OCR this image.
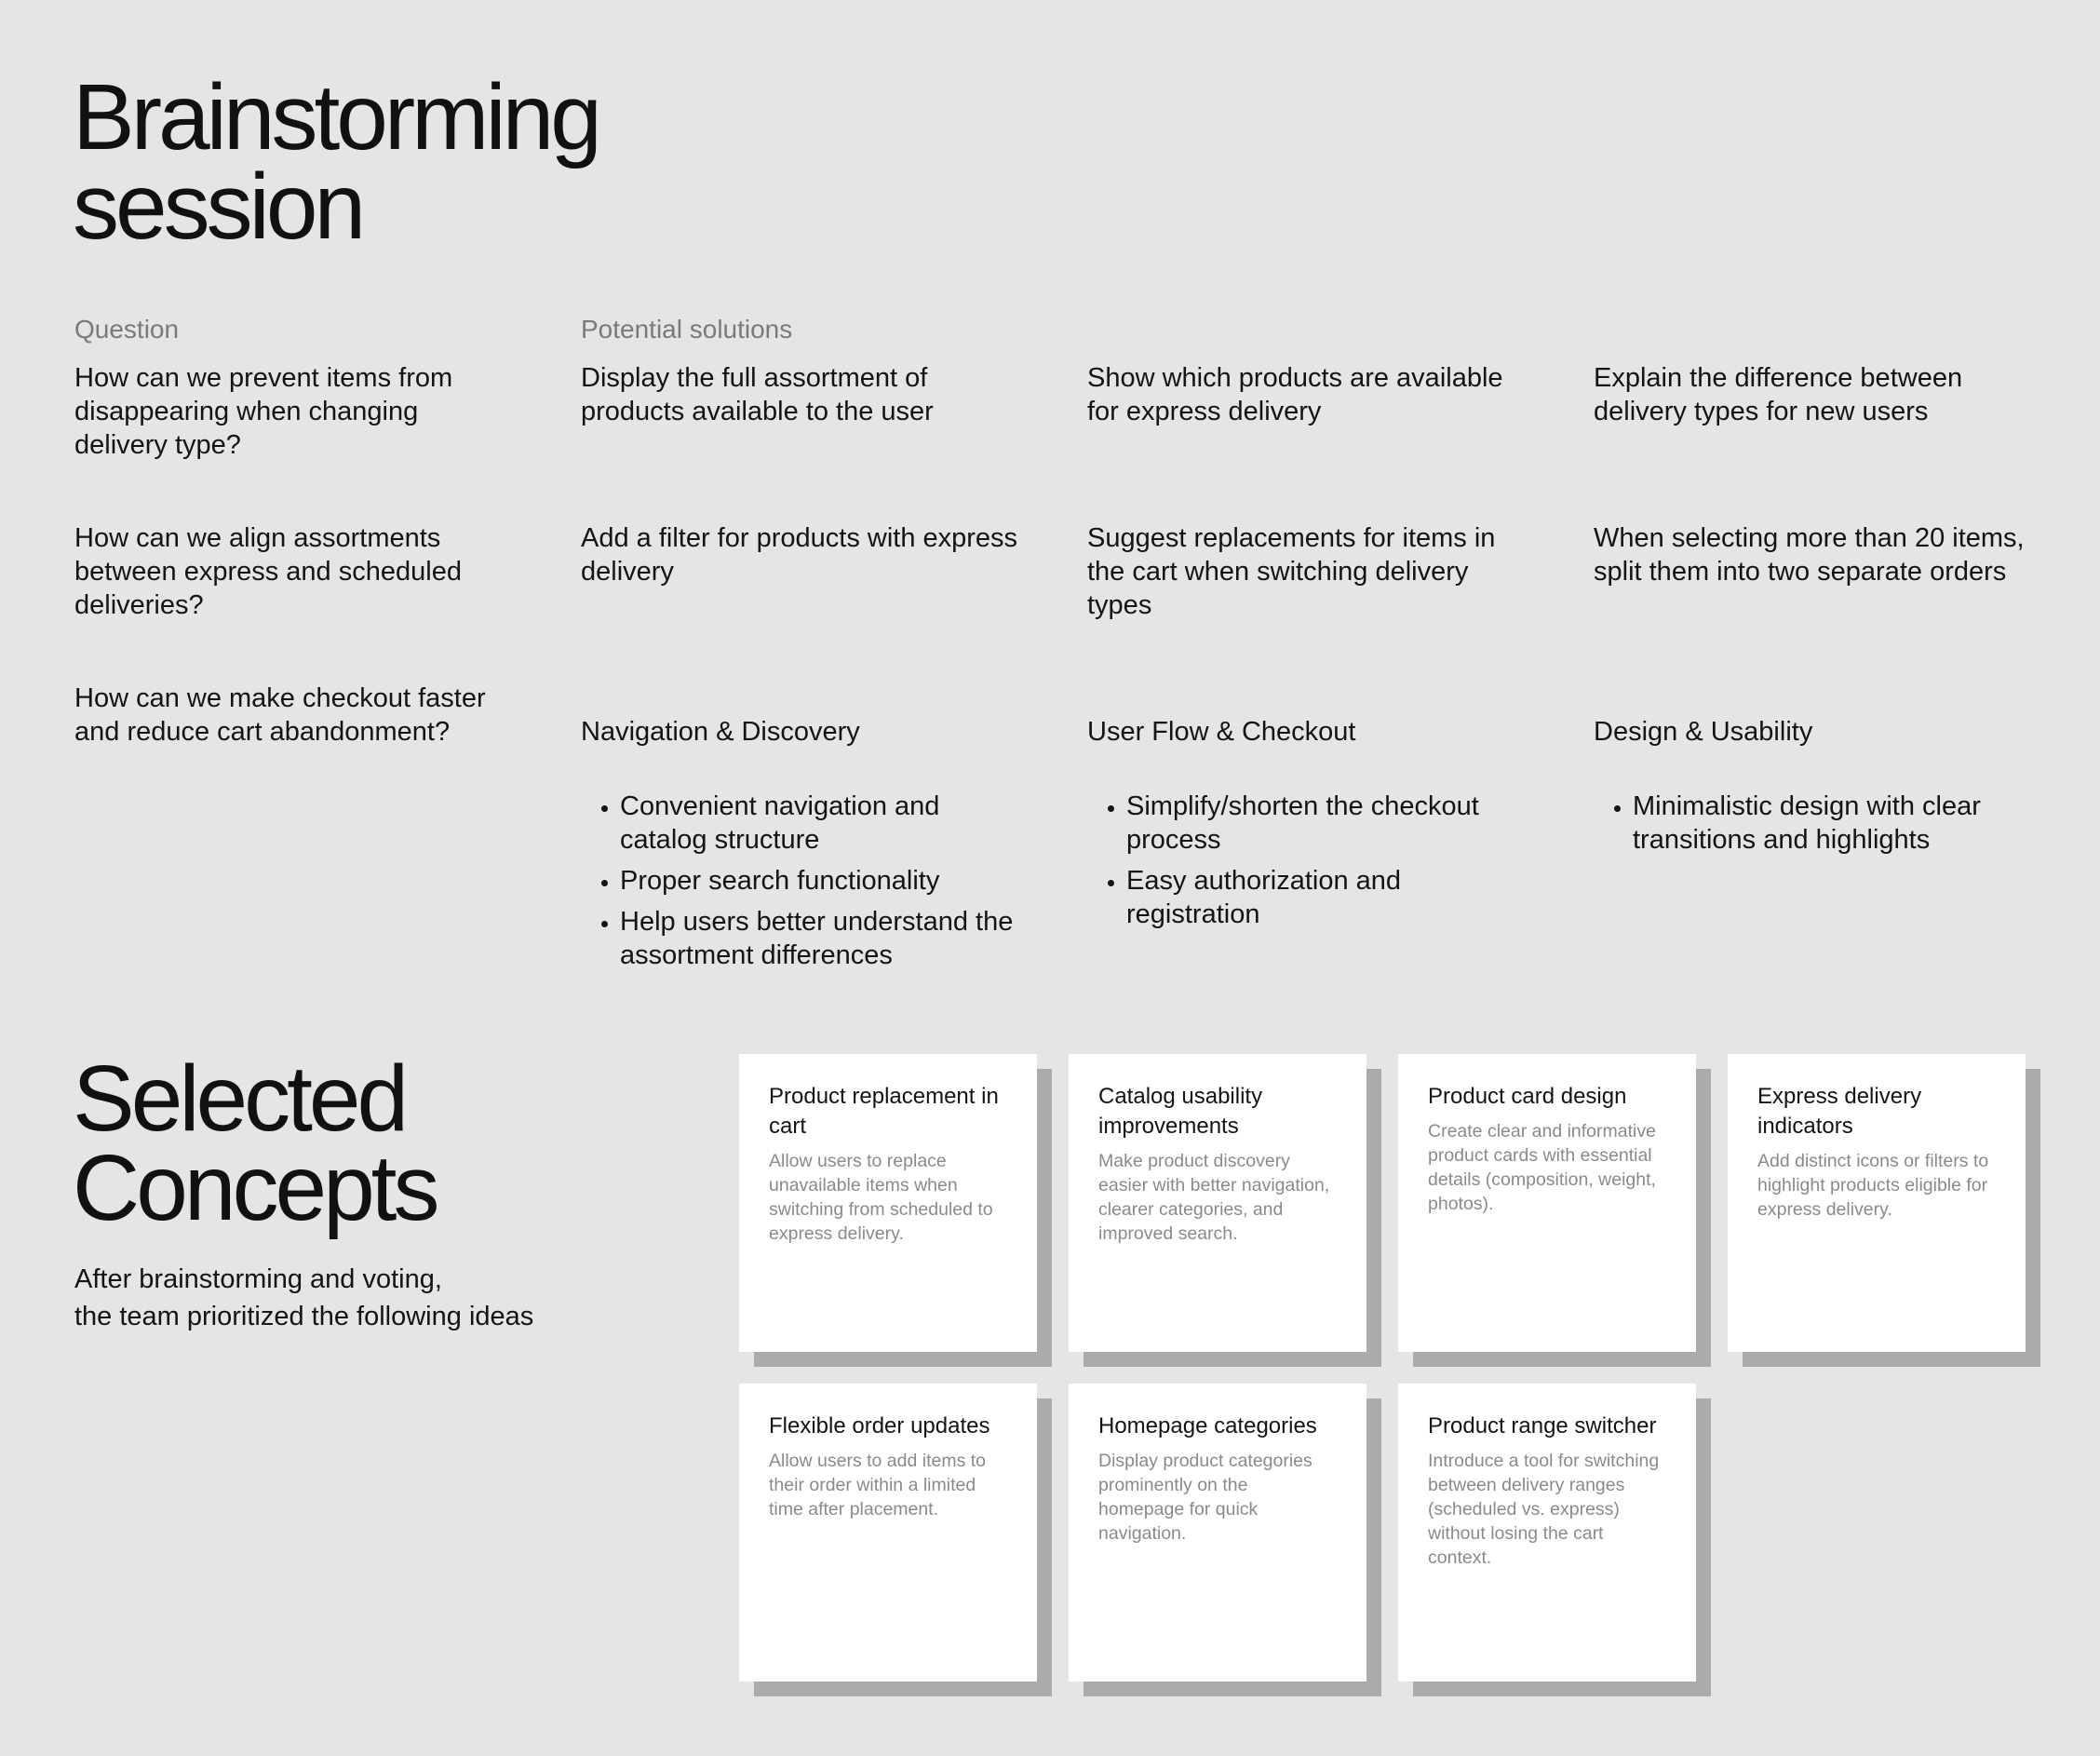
Brainstorming
session
Question	Potential solutions
How can we prevent items from disappearing when changing delivery type?
Display the full assortment of products available to the user
Show which products are available for express delivery
Explain the difference between delivery types for new users
How can we align assortments between express and scheduled deliveries?
Add a filter for products with express delivery
Suggest replacements for items in the cart when switching delivery types
When selecting more than 20 items, split them into two separate orders
How can we make checkout faster and reduce cart abandonment?	Navigation & Discovery

• Convenient navigation and catalog structure
• Proper search functionality
• Help users better understand the assortment differences

User Flow & Checkout

• Simplify/shorten the checkout process
• Easy authorization and registration

Design & Usability

• Minimalistic design with clear transitions and highlights

Selected
Concepts
After brainstorming and voting,
the team prioritized the following ideas
Product replacement in cart
Allow users to replace unavailable items when switching from scheduled to express delivery.
Catalog usability improvements
Make product discovery easier with better navigation, clearer categories, and improved search.
Product card design
Create clear and informative product cards with essential details (composition, weight, photos).
Express delivery indicators
Add distinct icons or filters to highlight products eligible for express delivery.
Flexible order updates
Allow users to add items to their order within a limited time after placement.
Homepage categories
Display product categories prominently on the homepage for quick navigation.
Product range switcher
Introduce a tool for switching between delivery ranges (scheduled vs. express) without losing the cart context.
